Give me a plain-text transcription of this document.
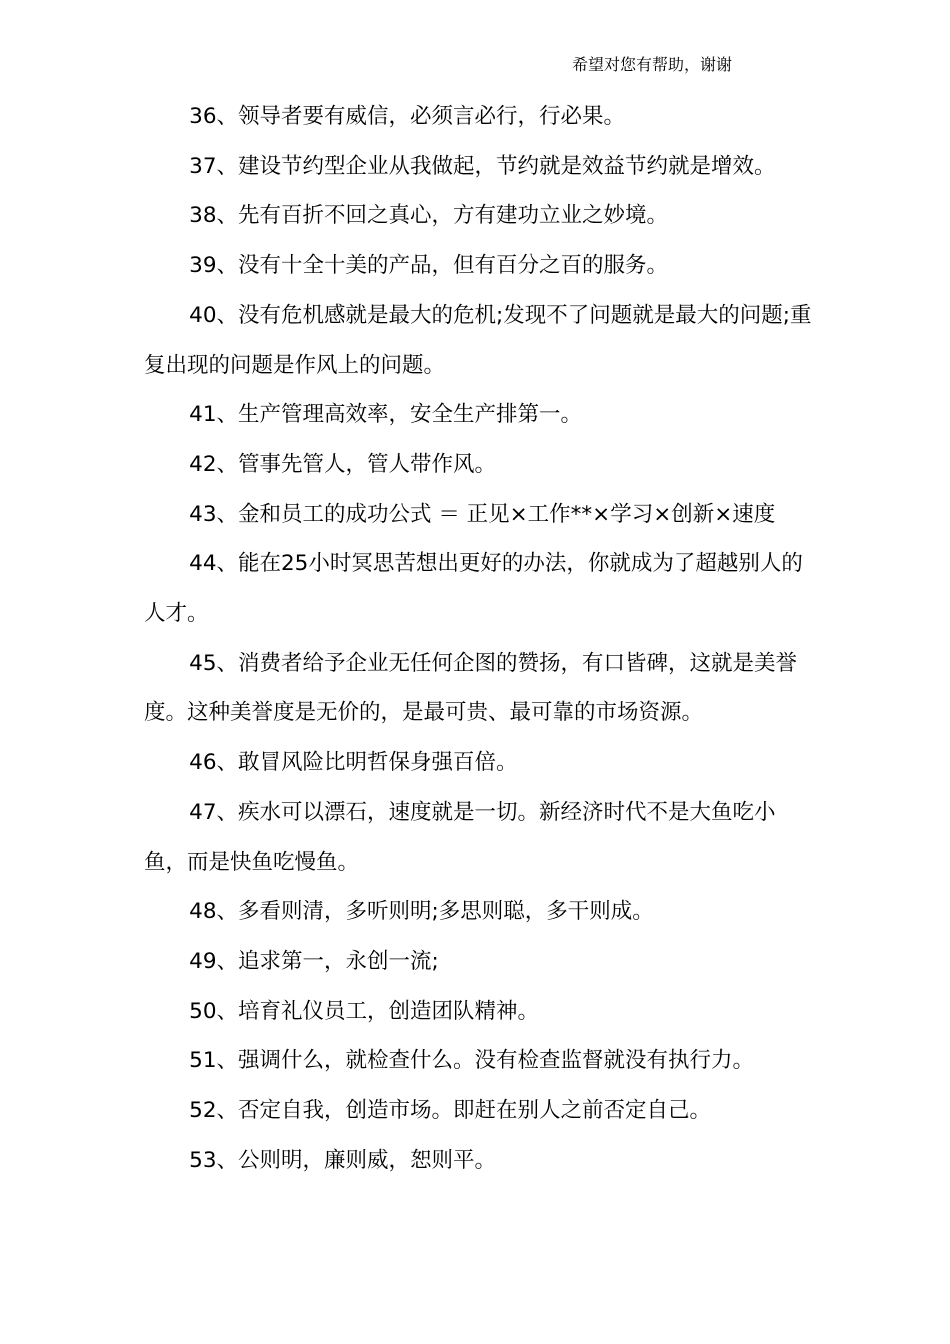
希望对您有帮助，谢谢

36、领导者要有威信，必须言必行，行必果。

37、建设节约型企业从我做起，节约就是效益节约就是增效。

38、先有百折不回之真心，方有建功立业之妙境。

39、没有十全十美的产品，但有百分之百的服务。

40、没有危机感就是最大的危机;发现不了问题就是最大的问题;重复出现的问题是作风上的问题。

41、生产管理高效率，安全生产排第一。

42、管事先管人，管人带作风。

43、金和员工的成功公式 ＝ 正见×工作**×学习×创新×速度

44、能在25小时冥思苦想出更好的办法，你就成为了超越别人的人才。

45、消费者给予企业无任何企图的赞扬，有口皆碑，这就是美誉度。这种美誉度是无价的，是最可贵、最可靠的市场资源。

46、敢冒风险比明哲保身强百倍。

47、疾水可以漂石，速度就是一切。新经济时代不是大鱼吃小鱼，而是快鱼吃慢鱼。

48、多看则清，多听则明;多思则聪，多干则成。

49、追求第一，永创一流;

50、培育礼仪员工，创造团队精神。

51、强调什么，就检查什么。没有检查监督就没有执行力。

52、否定自我，创造市场。即赶在别人之前否定自己。

53、公则明，廉则威，恕则平。
